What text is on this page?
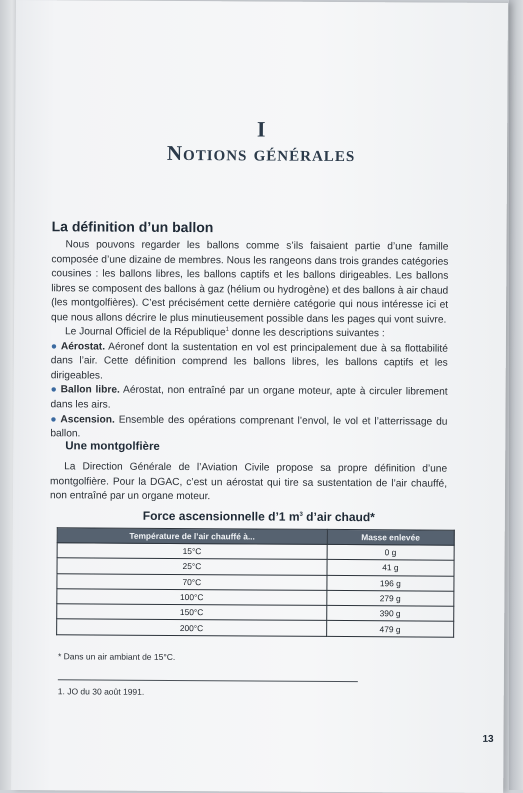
I
Notions générales
La définition d’un ballon
Nous pouvons regarder les ballons comme s’ils faisaient partie d’une famille composée d’une dizaine de membres. Nous les rangeons dans trois grandes catégories cousines : les ballons libres, les ballons captifs et les ballons dirigeables. Les ballons libres se composent des ballons à gaz (hélium ou hydrogène) et des ballons à air chaud (les montgolfières). C’est précisément cette dernière catégorie qui nous intéresse ici et que nous allons décrire le plus minutieusement possible dans les pages qui vont suivre.
Le Journal Officiel de la République$^1$ donne les descriptions suivantes :
● Aérostat. Aéronef dont la sustentation en vol est principalement due à sa flottabilité dans l’air. Cette définition comprend les ballons libres, les ballons captifs et les dirigeables.
● Ballon libre. Aérostat, non entraîné par un organe moteur, apte à circuler librement dans les airs.
● Ascension. Ensemble des opérations comprenant l’envol, le vol et l’atterrissage du ballon.
Une montgolfière
La Direction Générale de l’Aviation Civile propose sa propre définition d’une montgolfière. Pour la DGAC, c’est un aérostat qui tire sa sustentation de l’air chauffé, non entraîné par un organe moteur.
Force ascensionnelle d’1 $m^3$ d’air chaud*
Température de l’air chauffé à...	Masse enlevée
15°C	0 g
25°C	41 g
70°C	196 g
100°C	279 g
150°C	390 g
200°C	479 g
* Dans un air ambiant de 15°C.
1. JO du 30 août 1991.
13
